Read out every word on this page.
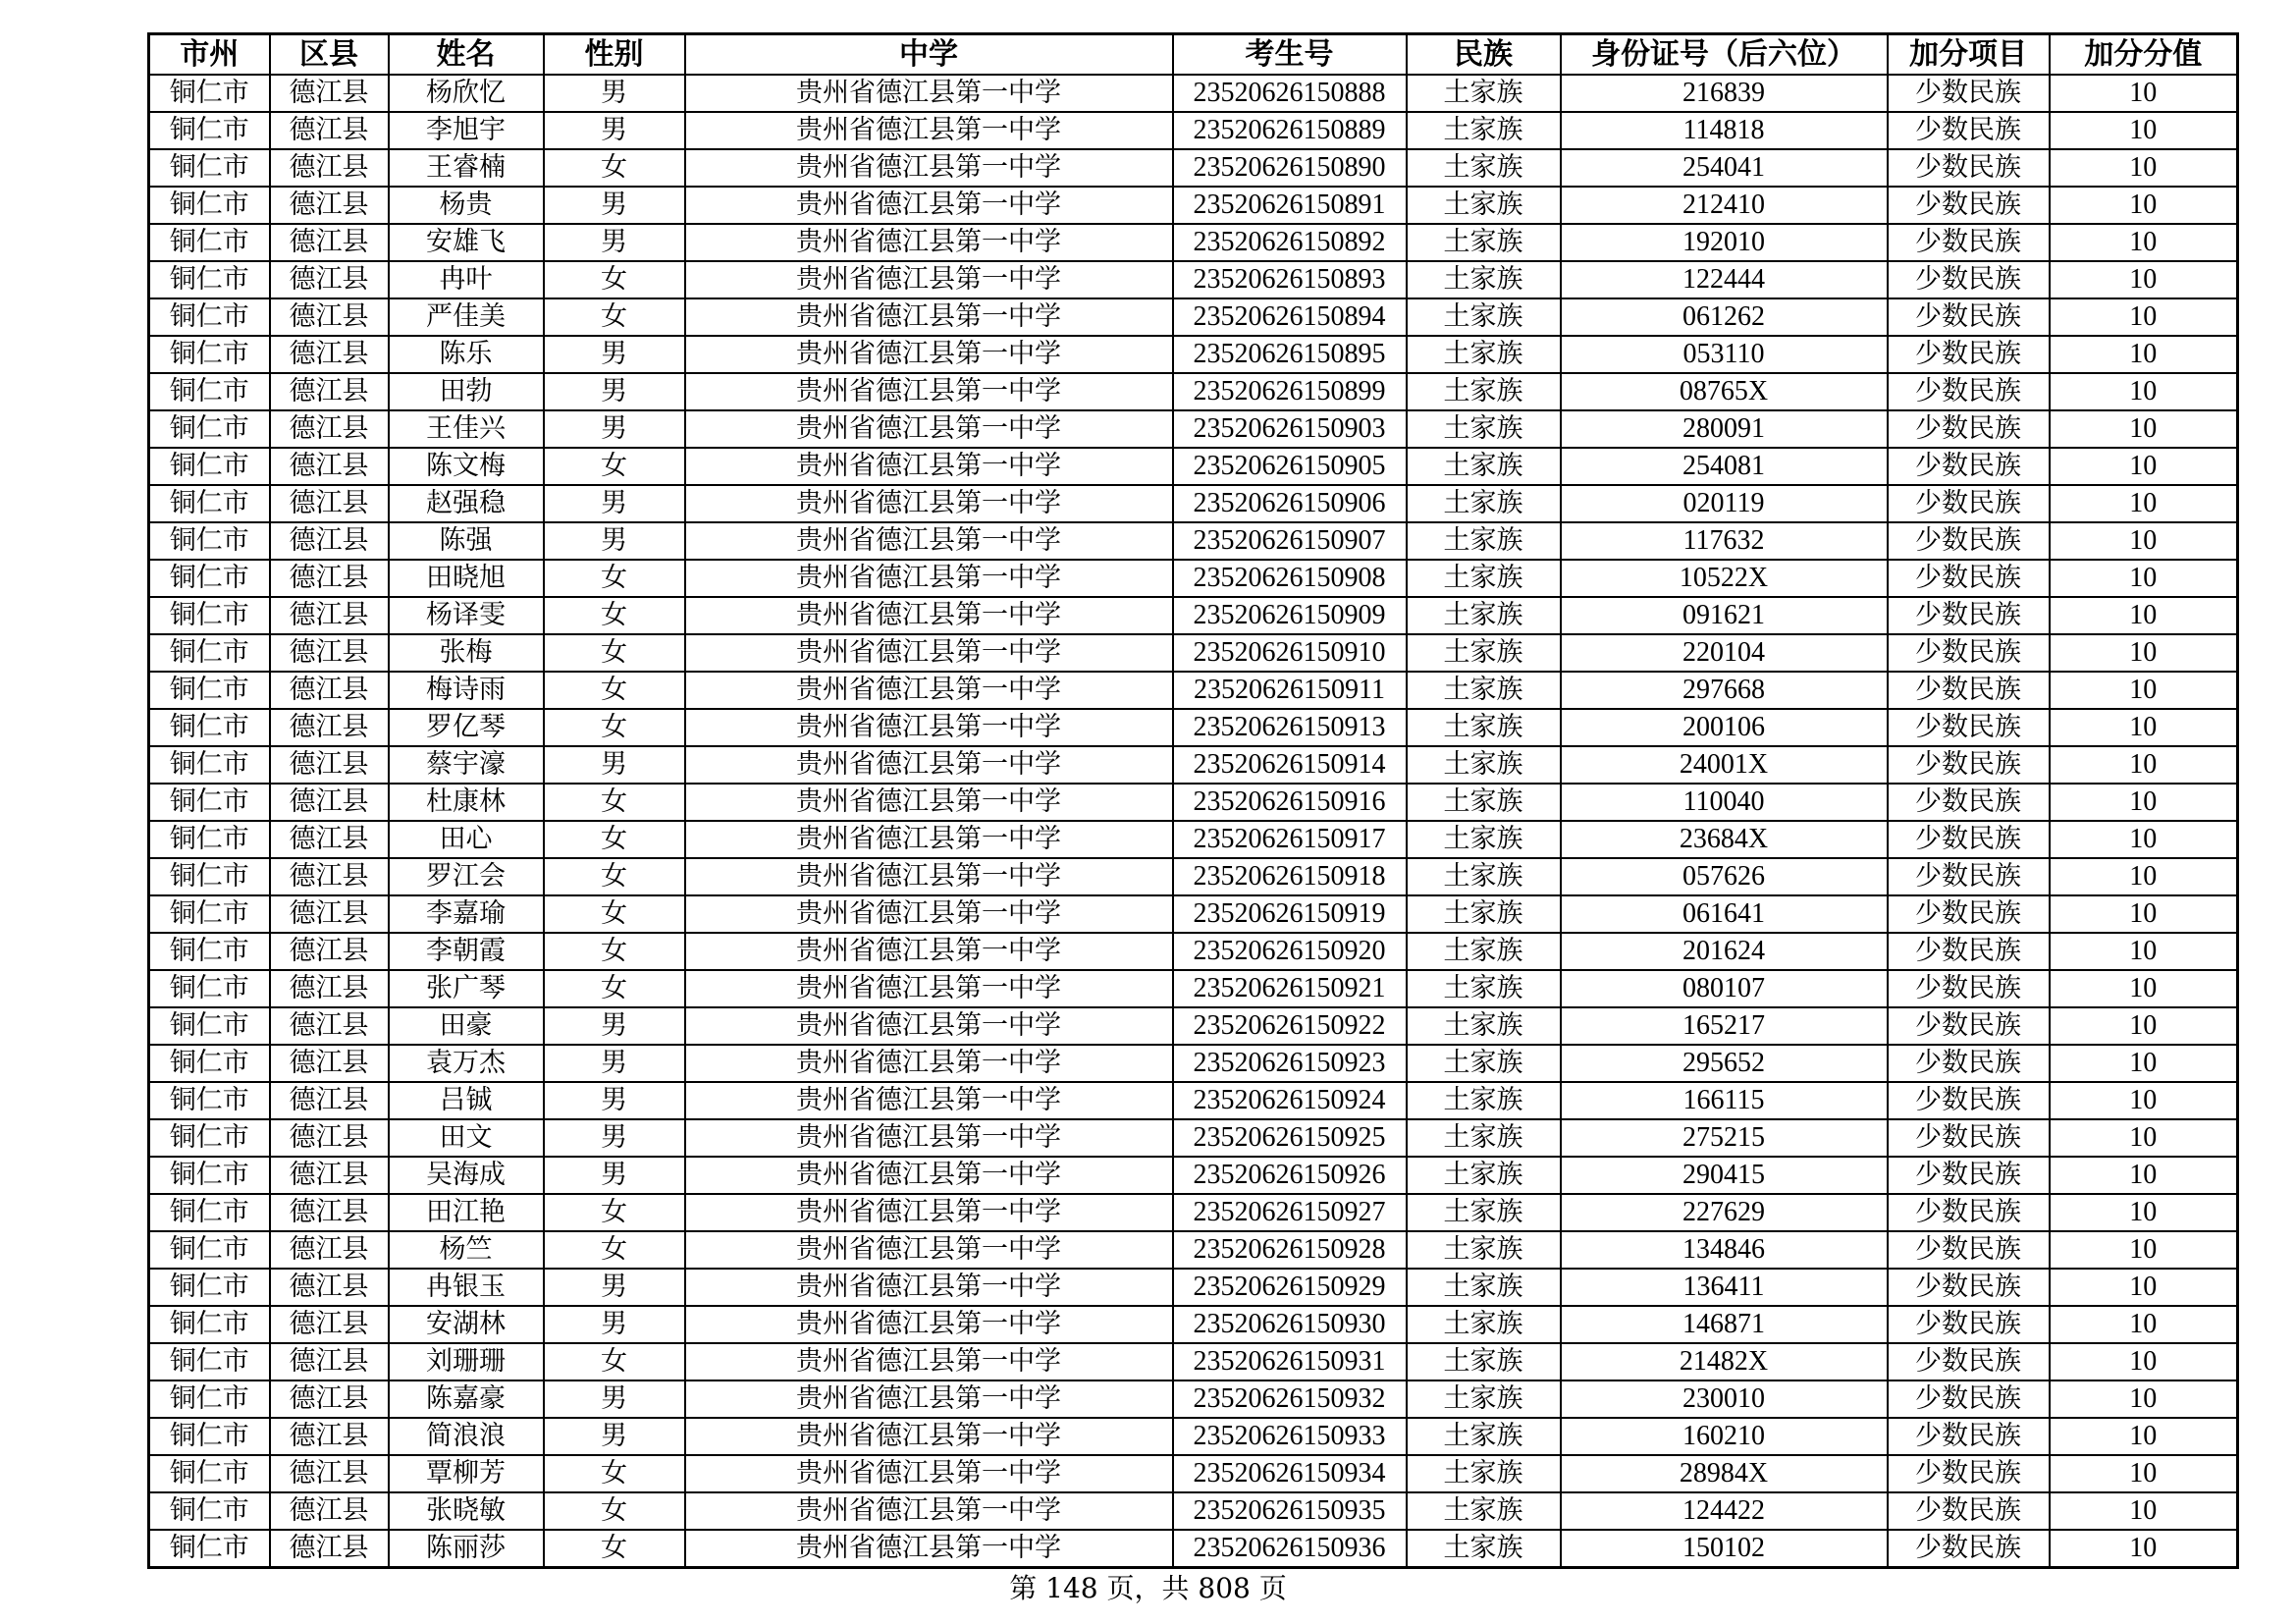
市州	区县	姓名	性别	中学	考生号	民族	身份证号（后六位）	加分项目	加分分值
铜仁市	德江县	杨欣忆	男	贵州省德江县第一中学	23520626150888	土家族	216839	少数民族	10
铜仁市	德江县	李旭宇	男	贵州省德江县第一中学	23520626150889	土家族	114818	少数民族	10
铜仁市	德江县	王睿楠	女	贵州省德江县第一中学	23520626150890	土家族	254041	少数民族	10
铜仁市	德江县	杨贵	男	贵州省德江县第一中学	23520626150891	土家族	212410	少数民族	10
铜仁市	德江县	安雄飞	男	贵州省德江县第一中学	23520626150892	土家族	192010	少数民族	10
铜仁市	德江县	冉叶	女	贵州省德江县第一中学	23520626150893	土家族	122444	少数民族	10
铜仁市	德江县	严佳美	女	贵州省德江县第一中学	23520626150894	土家族	061262	少数民族	10
铜仁市	德江县	陈乐	男	贵州省德江县第一中学	23520626150895	土家族	053110	少数民族	10
铜仁市	德江县	田勃	男	贵州省德江县第一中学	23520626150899	土家族	08765X	少数民族	10
铜仁市	德江县	王佳兴	男	贵州省德江县第一中学	23520626150903	土家族	280091	少数民族	10
铜仁市	德江县	陈文梅	女	贵州省德江县第一中学	23520626150905	土家族	254081	少数民族	10
铜仁市	德江县	赵强稳	男	贵州省德江县第一中学	23520626150906	土家族	020119	少数民族	10
铜仁市	德江县	陈强	男	贵州省德江县第一中学	23520626150907	土家族	117632	少数民族	10
铜仁市	德江县	田晓旭	女	贵州省德江县第一中学	23520626150908	土家族	10522X	少数民族	10
铜仁市	德江县	杨译雯	女	贵州省德江县第一中学	23520626150909	土家族	091621	少数民族	10
铜仁市	德江县	张梅	女	贵州省德江县第一中学	23520626150910	土家族	220104	少数民族	10
铜仁市	德江县	梅诗雨	女	贵州省德江县第一中学	23520626150911	土家族	297668	少数民族	10
铜仁市	德江县	罗亿琴	女	贵州省德江县第一中学	23520626150913	土家族	200106	少数民族	10
铜仁市	德江县	蔡宇濠	男	贵州省德江县第一中学	23520626150914	土家族	24001X	少数民族	10
铜仁市	德江县	杜康林	女	贵州省德江县第一中学	23520626150916	土家族	110040	少数民族	10
铜仁市	德江县	田心	女	贵州省德江县第一中学	23520626150917	土家族	23684X	少数民族	10
铜仁市	德江县	罗江会	女	贵州省德江县第一中学	23520626150918	土家族	057626	少数民族	10
铜仁市	德江县	李嘉瑜	女	贵州省德江县第一中学	23520626150919	土家族	061641	少数民族	10
铜仁市	德江县	李朝霞	女	贵州省德江县第一中学	23520626150920	土家族	201624	少数民族	10
铜仁市	德江县	张广琴	女	贵州省德江县第一中学	23520626150921	土家族	080107	少数民族	10
铜仁市	德江县	田豪	男	贵州省德江县第一中学	23520626150922	土家族	165217	少数民族	10
铜仁市	德江县	袁万杰	男	贵州省德江县第一中学	23520626150923	土家族	295652	少数民族	10
铜仁市	德江县	吕铖	男	贵州省德江县第一中学	23520626150924	土家族	166115	少数民族	10
铜仁市	德江县	田文	男	贵州省德江县第一中学	23520626150925	土家族	275215	少数民族	10
铜仁市	德江县	吴海成	男	贵州省德江县第一中学	23520626150926	土家族	290415	少数民族	10
铜仁市	德江县	田江艳	女	贵州省德江县第一中学	23520626150927	土家族	227629	少数民族	10
铜仁市	德江县	杨竺	女	贵州省德江县第一中学	23520626150928	土家族	134846	少数民族	10
铜仁市	德江县	冉银玉	男	贵州省德江县第一中学	23520626150929	土家族	136411	少数民族	10
铜仁市	德江县	安湖林	男	贵州省德江县第一中学	23520626150930	土家族	146871	少数民族	10
铜仁市	德江县	刘珊珊	女	贵州省德江县第一中学	23520626150931	土家族	21482X	少数民族	10
铜仁市	德江县	陈嘉豪	男	贵州省德江县第一中学	23520626150932	土家族	230010	少数民族	10
铜仁市	德江县	简浪浪	男	贵州省德江县第一中学	23520626150933	土家族	160210	少数民族	10
铜仁市	德江县	覃柳芳	女	贵州省德江县第一中学	23520626150934	土家族	28984X	少数民族	10
铜仁市	德江县	张晓敏	女	贵州省德江县第一中学	23520626150935	土家族	124422	少数民族	10
铜仁市	德江县	陈丽莎	女	贵州省德江县第一中学	23520626150936	土家族	150102	少数民族	10
第 148 页，共 808 页
